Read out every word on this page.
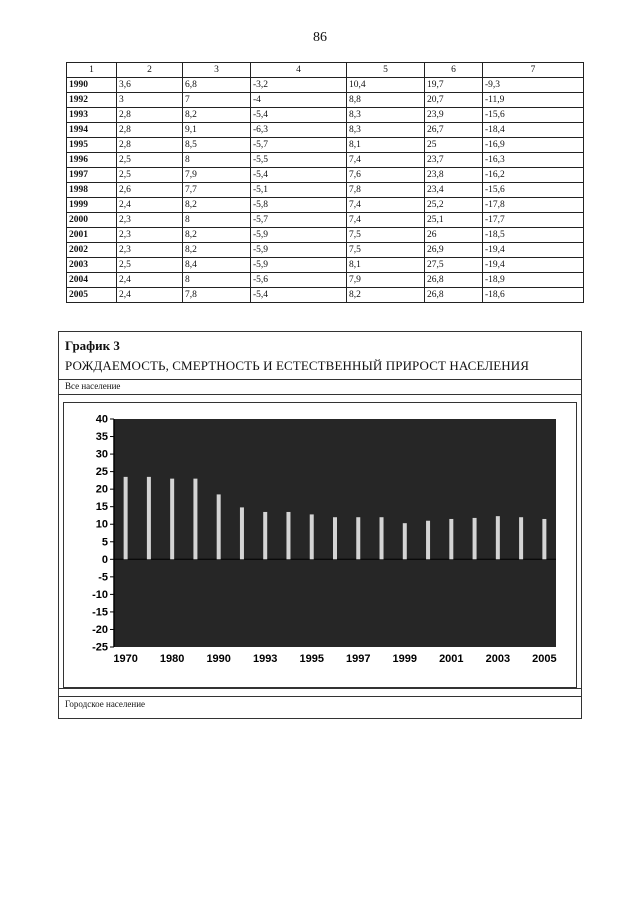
86
1	2	3	4	5	6	7
1990	3,6	6,8	-3,2	10,4	19,7	-9,3
1992	3	7	-4	8,8	20,7	-11,9
1993	2,8	8,2	-5,4	8,3	23,9	-15,6
1994	2,8	9,1	-6,3	8,3	26,7	-18,4
1995	2,8	8,5	-5,7	8,1	25	-16,9
1996	2,5	8	-5,5	7,4	23,7	-16,3
1997	2,5	7,9	-5,4	7,6	23,8	-16,2
1998	2,6	7,7	-5,1	7,8	23,4	-15,6
1999	2,4	8,2	-5,8	7,4	25,2	-17,8
2000	2,3	8	-5,7	7,4	25,1	-17,7
2001	2,3	8,2	-5,9	7,5	26	-18,5
2002	2,3	8,2	-5,9	7,5	26,9	-19,4
2003	2,5	8,4	-5,9	8,1	27,5	-19,4
2004	2,4	8	-5,6	7,9	26,8	-18,9
2005	2,4	7,8	-5,4	8,2	26,8	-18,6
График 3
РОЖДАЕМОСТЬ, СМЕРТНОСТЬ И ЕСТЕСТВЕННЫЙ ПРИРОСТ НАСЕЛЕНИЯ
Все население
40
35
30
25
20
15
10
5
0
-5
-10
-15
-20
-25
1970 1980 1990 1993 1995 1997 1999 2001 2003 2005
Городское население
